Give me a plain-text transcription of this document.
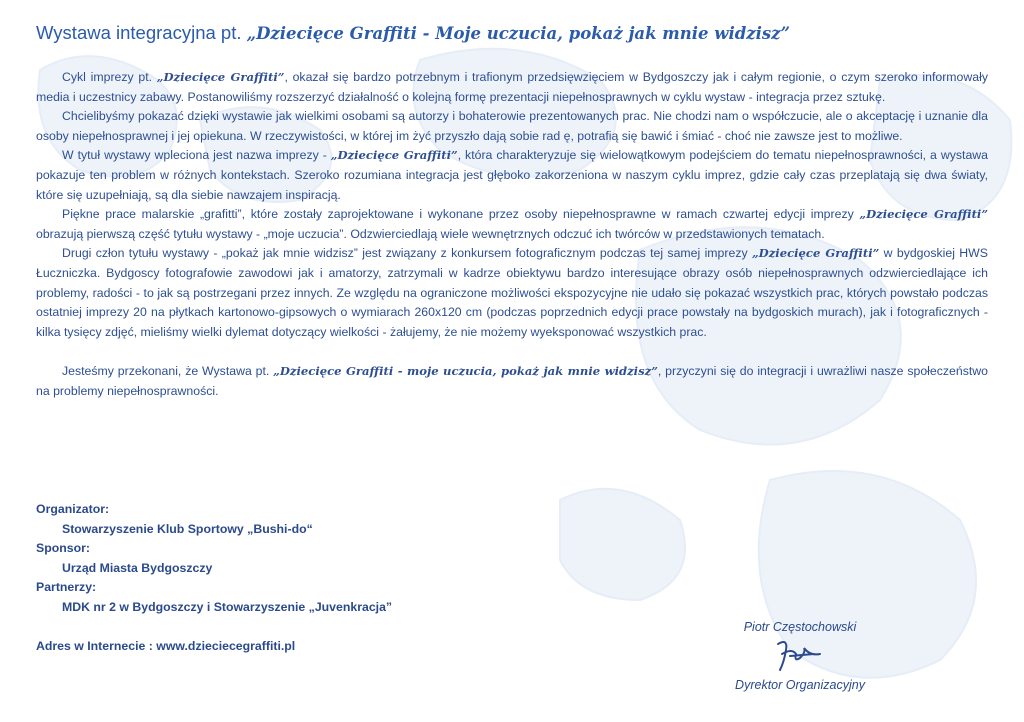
Wystawa integracyjna pt. „Dziecięce Graffiti - Moje uczucia, pokaż jak mnie widzisz”

Cykl imprezy pt. „Dziecięce Graffiti”, okazał się bardzo potrzebnym i trafionym przedsięwzięciem w Bydgoszczy jak i całym regionie, o czym szeroko informowały media i uczestnicy zabawy. Postanowiliśmy rozszerzyć działalność o kolejną formę prezentacji niepełnosprawnych w cyklu wystaw - integracja przez sztukę.

Chcielibyśmy pokazać dzięki wystawie jak wielkimi osobami są autorzy i bohaterowie prezentowanych prac. Nie chodzi nam o współczucie, ale o akceptację i uznanie dla osoby niepełnosprawnej i jej opiekuna. W rzeczywistości, w której im żyć przyszło dają sobie rad ę, potrafią się bawić i śmiać - choć nie zawsze jest to możliwe.

W tytuł wystawy wpleciona jest nazwa imprezy - „Dziecięce Graffiti”, która charakteryzuje się wielowątkowym podejściem do tematu niepełnosprawności, a wystawa pokazuje ten problem w różnych kontekstach. Szeroko rozumiana integracja jest głęboko zakorzeniona w naszym cyklu imprez, gdzie cały czas przeplatają się dwa światy, które się uzupełniają, są dla siebie nawzajem inspiracją.

Piękne prace malarskie „grafitti”, które zostały zaprojektowane i wykonane przez osoby niepełnosprawne w ramach czwartej edycji imprezy „Dziecięce Graffiti” obrazują pierwszą część tytułu wystawy - „moje uczucia”. Odzwierciedlają wiele wewnętrznych odczuć ich twórców w przedstawionych tematach.

Drugi człon tytułu wystawy - „pokaż jak mnie widzisz” jest związany z konkursem fotograficznym podczas tej samej imprezy „Dziecięce Graffiti” w bydgoskiej HWS Łuczniczka. Bydgoscy fotografowie zawodowi jak i amatorzy, zatrzymali w kadrze obiektywu bardzo interesujące obrazy osób niepełnosprawnych odzwierciedlające ich problemy, radości - to jak są postrzegani przez innych. Ze względu na ograniczone możliwości ekspozycyjne nie udało się pokazać wszystkich prac, których powstało podczas ostatniej imprezy 20 na płytkach kartonowo-gipsowych o wymiarach 260x120 cm (podczas poprzednich edycji prace powstały na bydgoskich murach), jak i fotograficznych - kilka tysięcy zdjęć, mieliśmy wielki dylemat dotyczący wielkości - żałujemy, że nie możemy wyeksponować wszystkich prac.

Jesteśmy przekonani, że Wystawa pt. „Dziecięce Graffiti - moje uczucia, pokaż jak mnie widzisz”, przyczyni się do integracji i uwrażliwi nasze społeczeństwo na problemy niepełnosprawności.

Organizator:
Stowarzyszenie Klub Sportowy „Bushi-do“
Sponsor:
Urząd Miasta Bydgoszczy
Partnerzy:
MDK nr 2 w Bydgoszczy i Stowarzyszenie „Juvenkracja”
Adres w Internecie : www.dzieciecegraffiti.pl
Piotr Częstochowski
Dyrektor Organizacyjny
